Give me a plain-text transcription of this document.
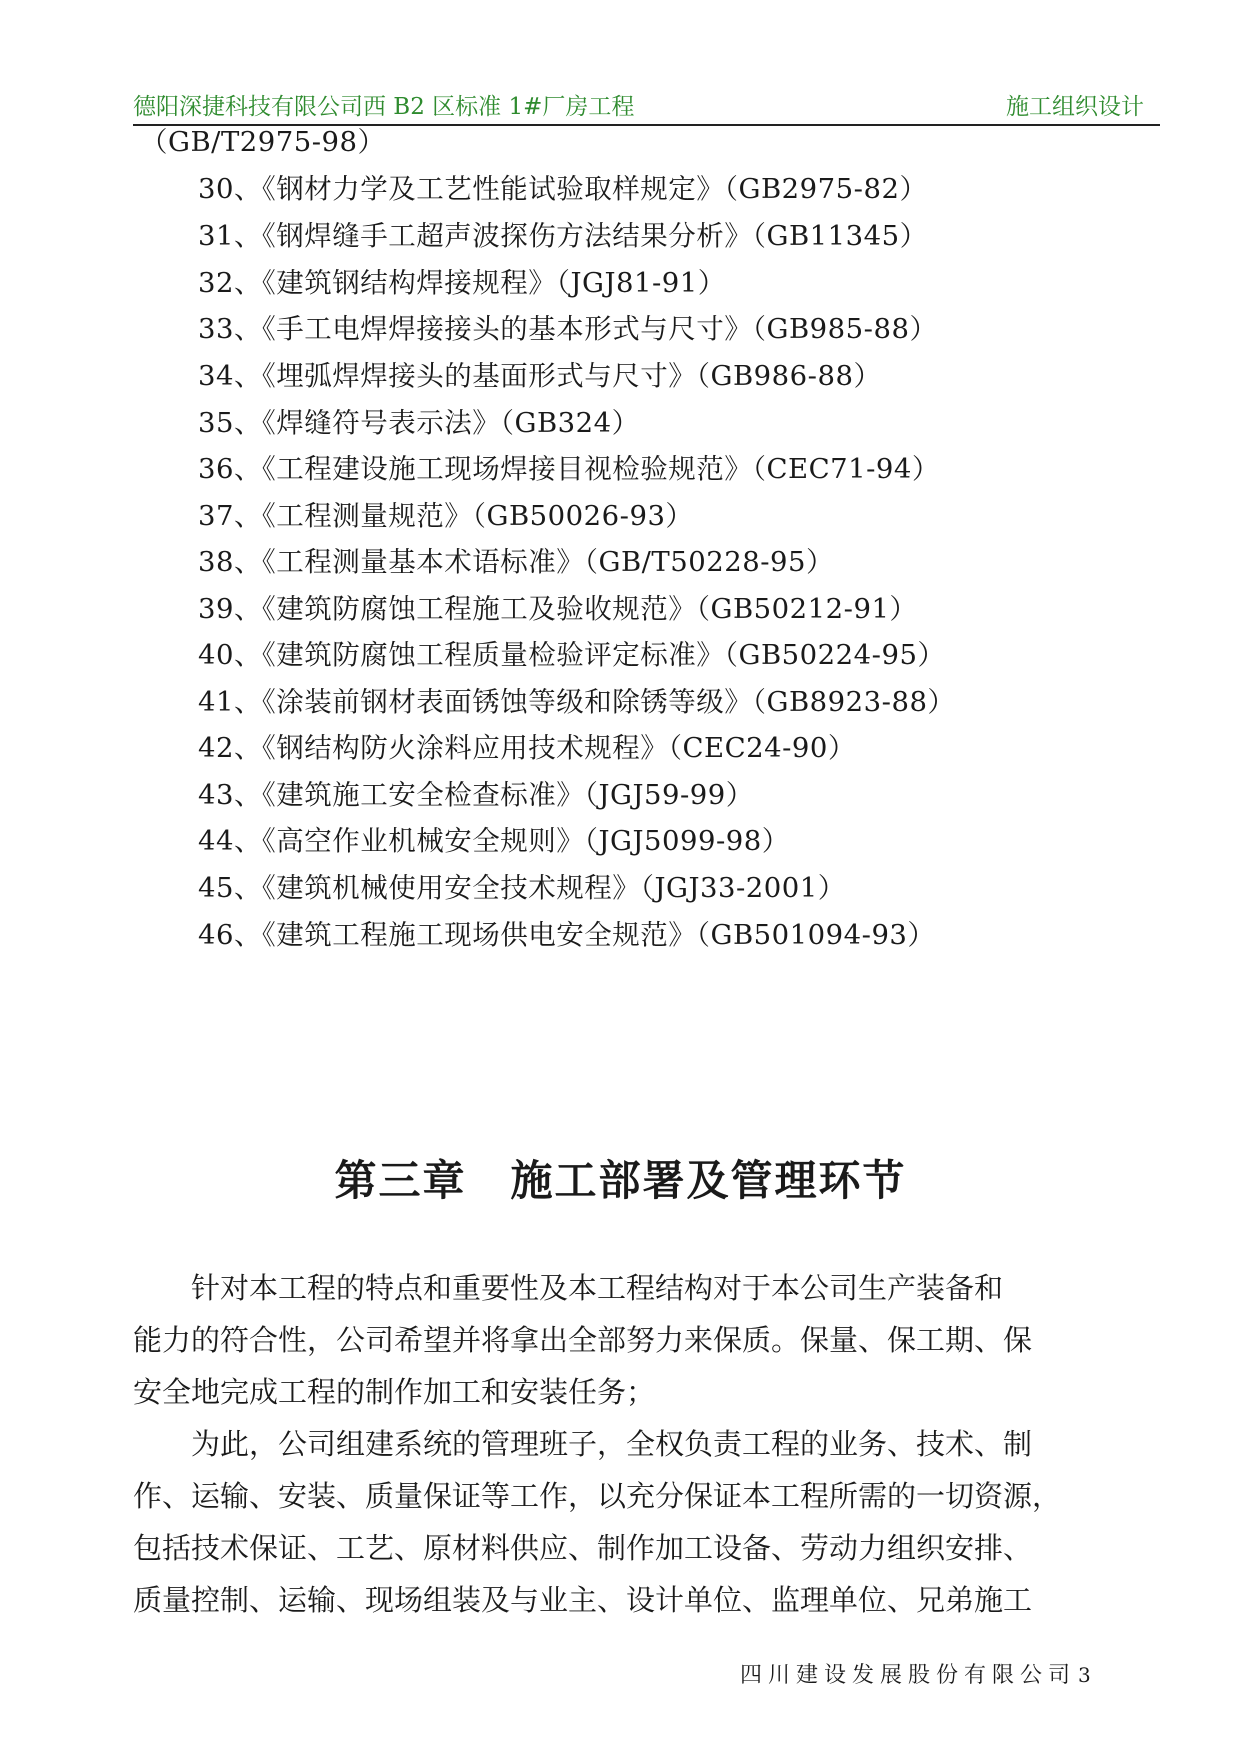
德阳深捷科技有限公司西 B2 区标准 1#厂房工程	施工组织设计
（GB/T2975-98）
30、《钢材力学及工艺性能试验取样规定》（GB2975-82）
31、《钢焊缝手工超声波探伤方法结果分析》（GB11345）
32、《建筑钢结构焊接规程》（JGJ81-91）
33、《手工电焊焊接接头的基本形式与尺寸》（GB985-88）
34、《埋弧焊焊接头的基面形式与尺寸》（GB986-88）
35、《焊缝符号表示法》（GB324）
36、《工程建设施工现场焊接目视检验规范》（CEC71-94）
37、《工程测量规范》（GB50026-93）
38、《工程测量基本术语标准》（GB/T50228-95）
39、《建筑防腐蚀工程施工及验收规范》（GB50212-91）
40、《建筑防腐蚀工程质量检验评定标准》（GB50224-95）
41、《涂装前钢材表面锈蚀等级和除锈等级》（GB8923-88）
42、《钢结构防火涂料应用技术规程》（CEC24-90）
43、《建筑施工安全检查标准》（JGJ59-99）
44、《高空作业机械安全规则》（JGJ5099-98）
45、《建筑机械使用安全技术规程》（JGJ33-2001）
46、《建筑工程施工现场供电安全规范》（GB501094-93）
第三章　施工部署及管理环节
　　针对本工程的特点和重要性及本工程结构对于本公司生产装备和
能力的符合性，公司希望并将拿出全部努力来保质。保量、保工期、保
安全地完成工程的制作加工和安装任务；
　　为此，公司组建系统的管理班子，全权负责工程的业务、技术、制
作、运输、安装、质量保证等工作，以充分保证本工程所需的一切资源，
包括技术保证、工艺、原材料供应、制作加工设备、劳动力组织安排、
质量控制、运输、现场组装及与业主、设计单位、监理单位、兄弟施工
四川建设发展股份有限公司 3
